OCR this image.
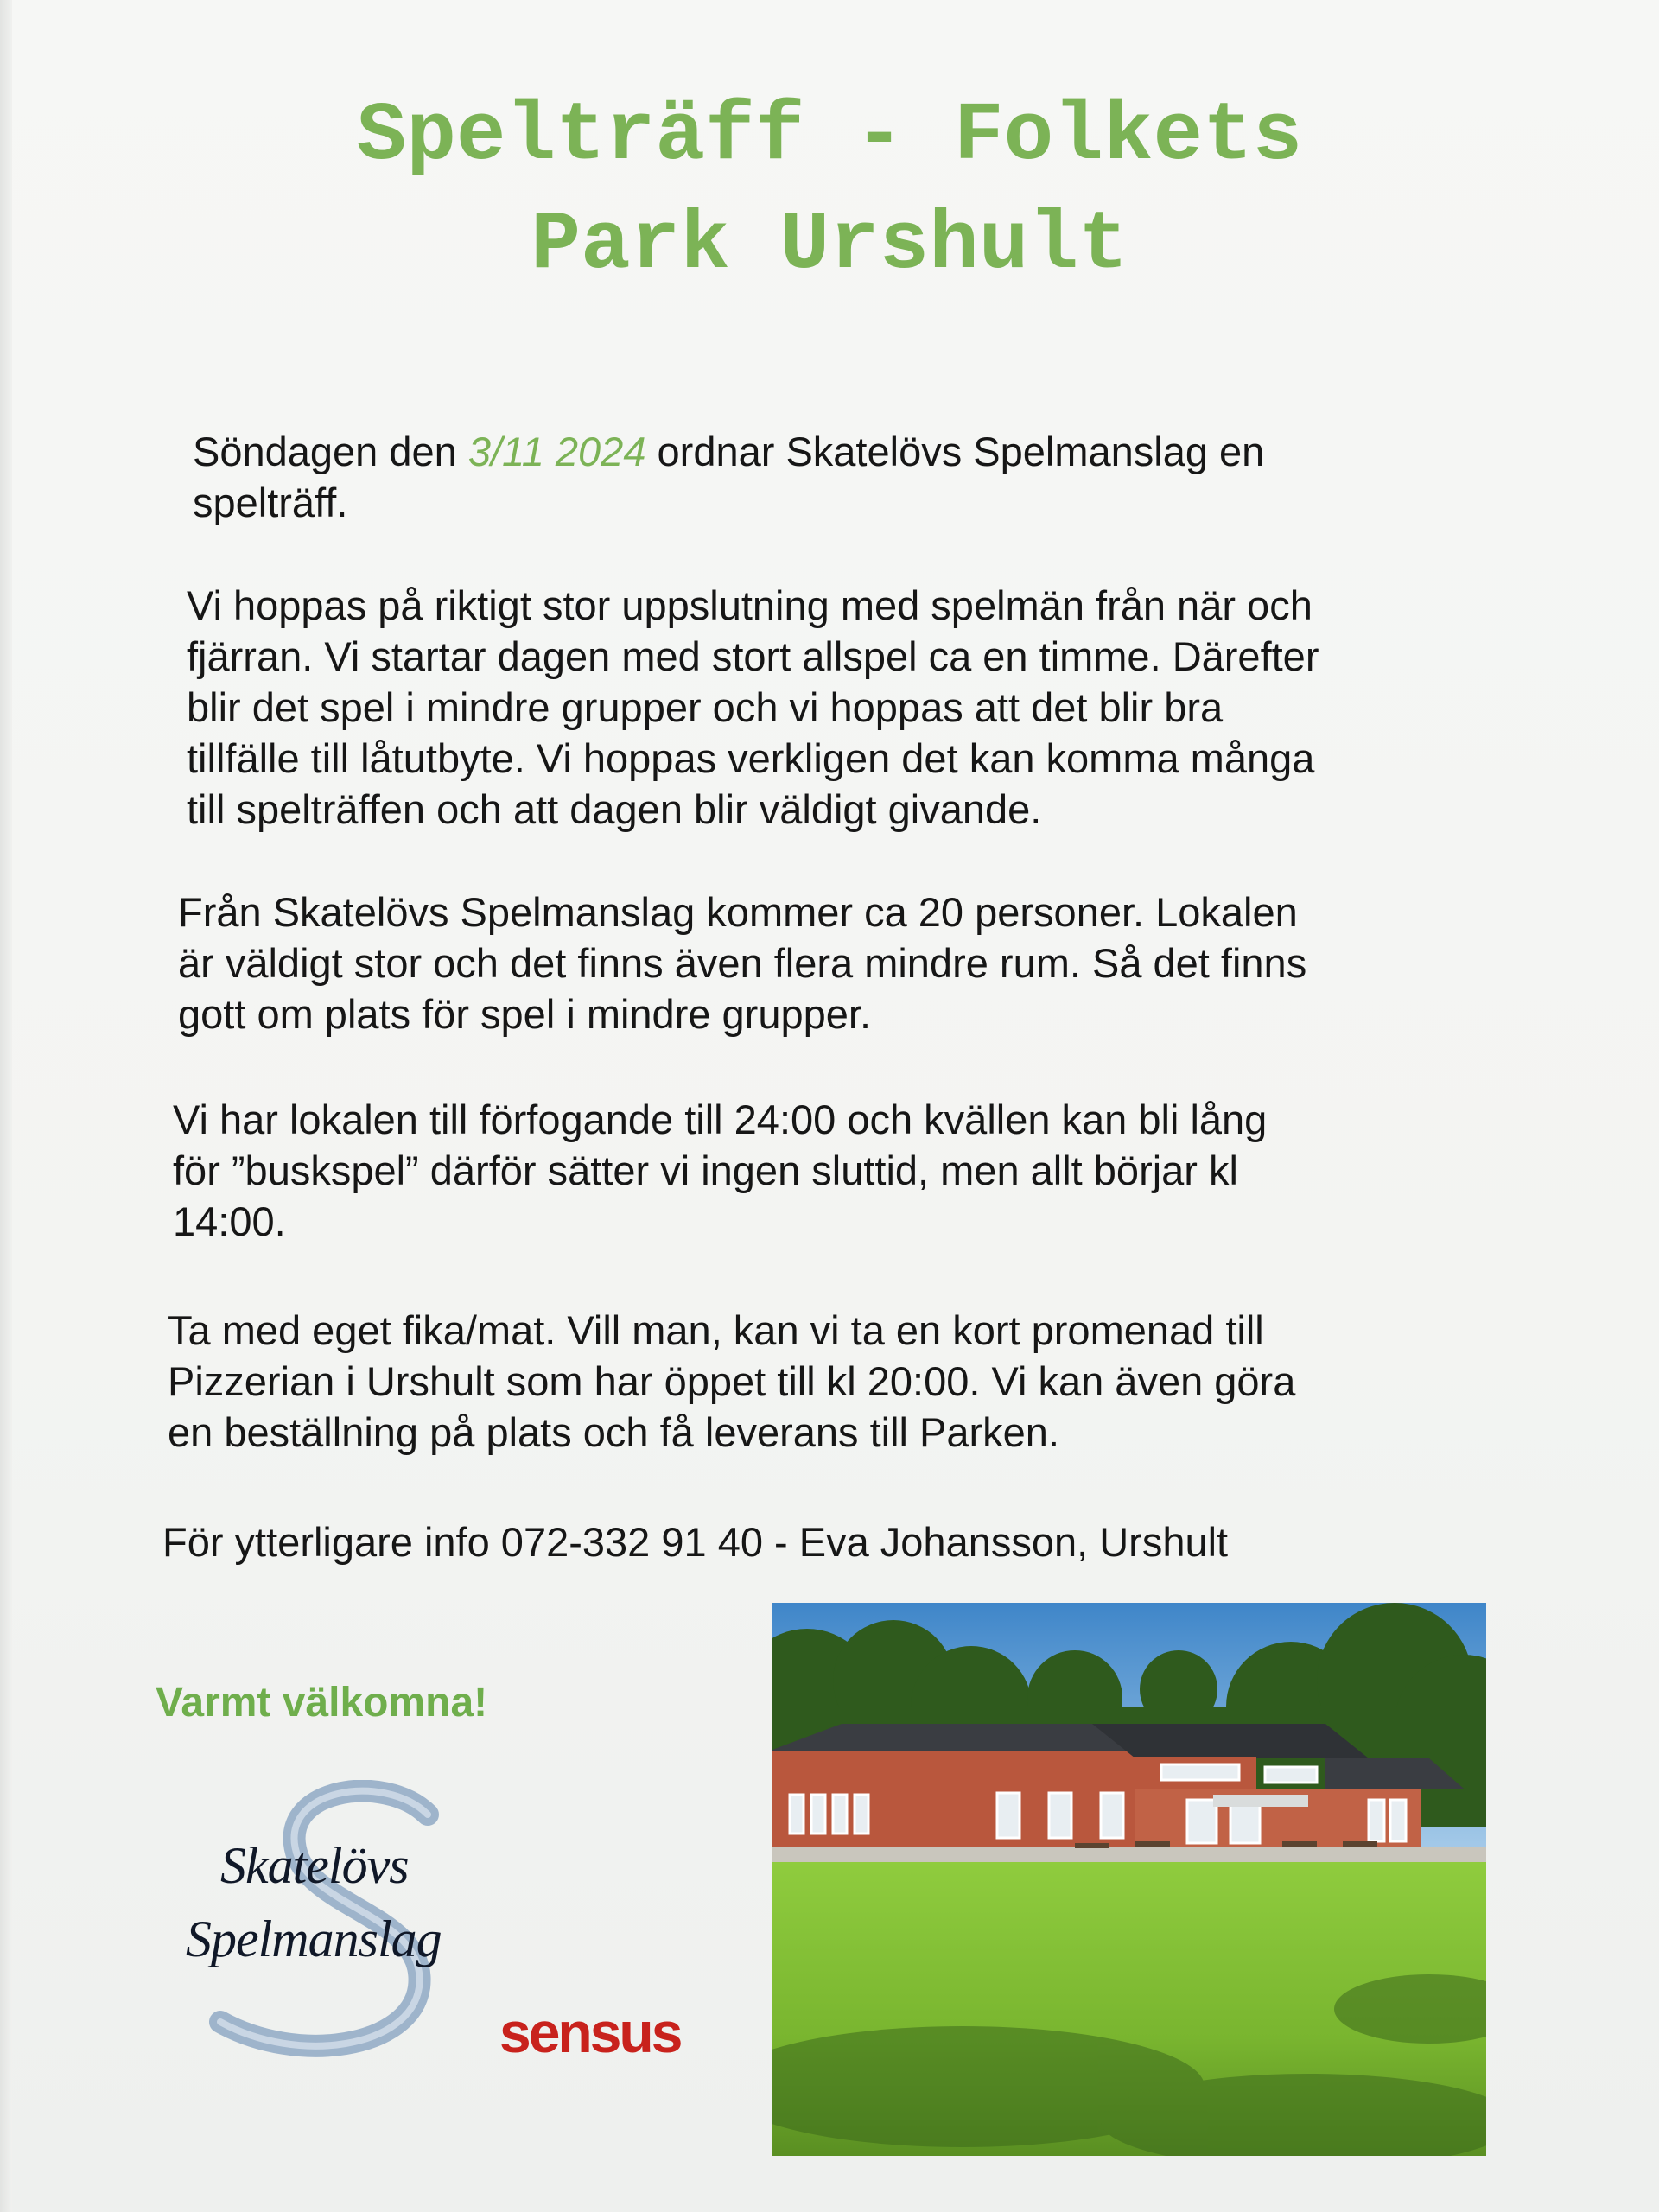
Spelträff - Folkets
Park Urshult

Söndagen den 3/11 2024 ordnar Skatelövs Spelmanslag en
spelträff.

Vi hoppas på riktigt stor uppslutning med spelmän från när och
fjärran. Vi startar dagen med stort allspel ca en timme. Därefter
blir det spel i mindre grupper och vi hoppas att det blir bra
tillfälle till låtutbyte. Vi hoppas verkligen det kan komma många
till spelträffen och att dagen blir väldigt givande.

Från Skatelövs Spelmanslag kommer ca 20 personer. Lokalen
är väldigt stor och det finns även flera mindre rum. Så det finns
gott om plats för spel i mindre grupper.

Vi har lokalen till förfogande till 24:00 och kvällen kan bli lång
för ”buskspel” därför sätter vi ingen sluttid, men allt börjar kl
14:00.

Ta med eget fika/mat. Vill man, kan vi ta en kort promenad till
Pizzerian i Urshult som har öppet till kl 20:00. Vi kan även göra
en beställning på plats och få leverans till Parken.

För ytterligare info 072-332 91 40 - Eva Johansson, Urshult

Varmt välkomna!
Skatelövs
Spelmanslag
sensus
